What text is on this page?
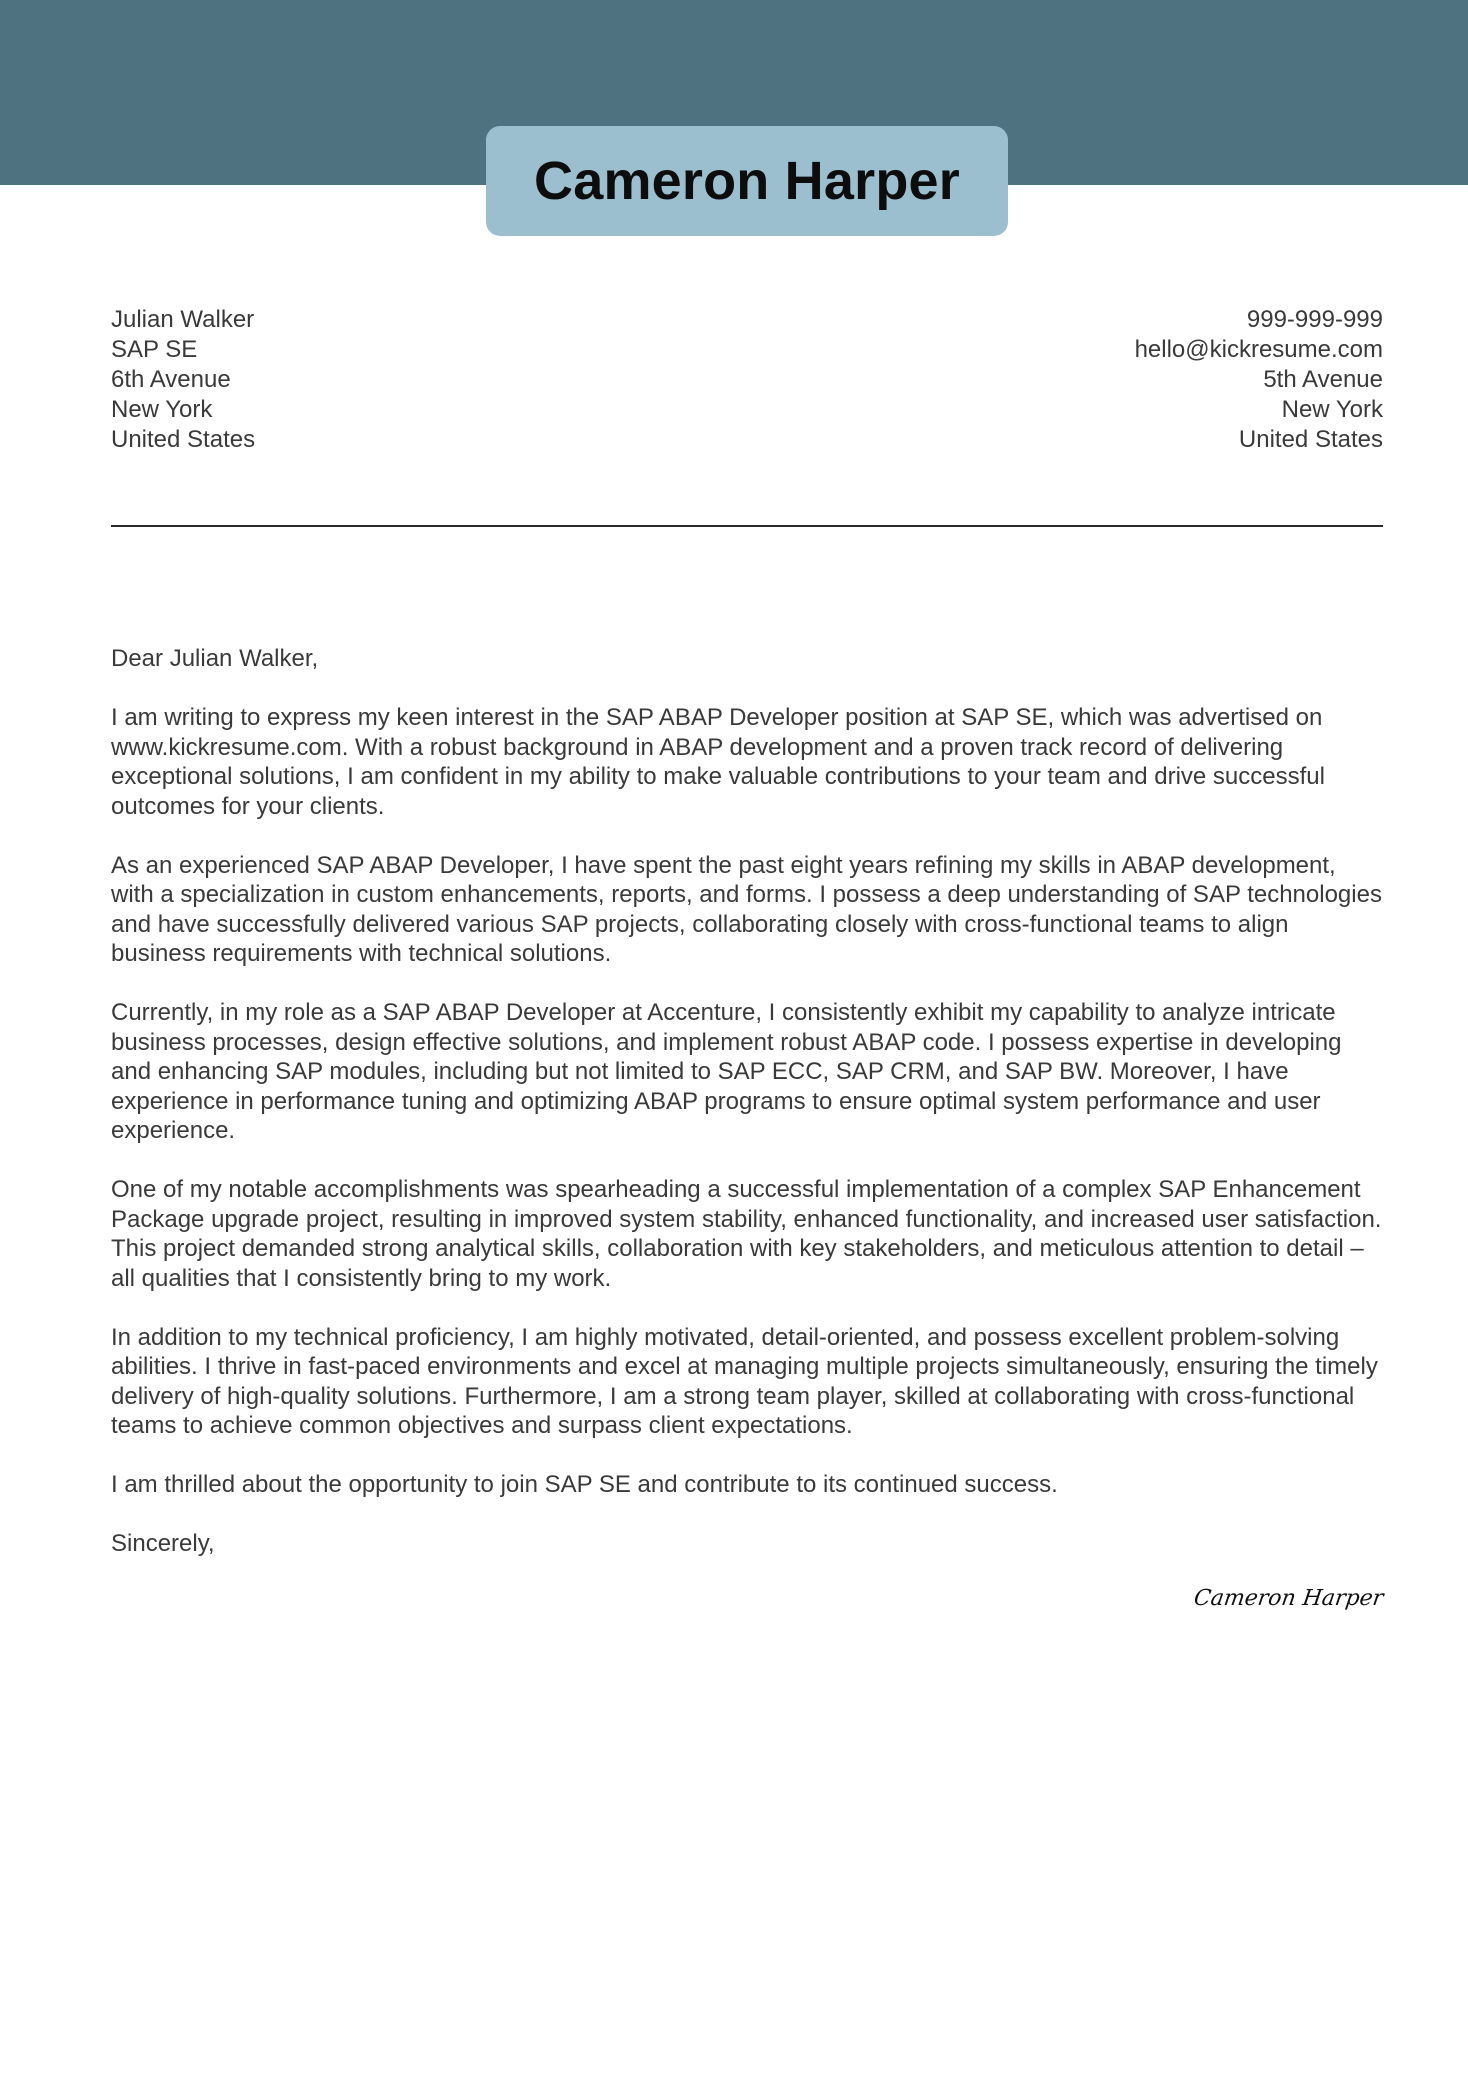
Cameron Harper
Julian Walker
SAP SE
6th Avenue
New York
United States
999-999-999
hello@kickresume.com
5th Avenue
New York
United States

Dear Julian Walker,

I am writing to express my keen interest in the SAP ABAP Developer position at SAP SE, which was advertised on www.kickresume.com. With a robust background in ABAP development and a proven track record of delivering exceptional solutions, I am confident in my ability to make valuable contributions to your team and drive successful outcomes for your clients.

As an experienced SAP ABAP Developer, I have spent the past eight years refining my skills in ABAP development, with a specialization in custom enhancements, reports, and forms. I possess a deep understanding of SAP technologies and have successfully delivered various SAP projects, collaborating closely with cross-functional teams to align business requirements with technical solutions.

Currently, in my role as a SAP ABAP Developer at Accenture, I consistently exhibit my capability to analyze intricate business processes, design effective solutions, and implement robust ABAP code. I possess expertise in developing and enhancing SAP modules, including but not limited to SAP ECC, SAP CRM, and SAP BW. Moreover, I have experience in performance tuning and optimizing ABAP programs to ensure optimal system performance and user experience.

One of my notable accomplishments was spearheading a successful implementation of a complex SAP Enhancement Package upgrade project, resulting in improved system stability, enhanced functionality, and increased user satisfaction. This project demanded strong analytical skills, collaboration with key stakeholders, and meticulous attention to detail – all qualities that I consistently bring to my work.

In addition to my technical proficiency, I am highly motivated, detail-oriented, and possess excellent problem-solving abilities. I thrive in fast-paced environments and excel at managing multiple projects simultaneously, ensuring the timely delivery of high-quality solutions. Furthermore, I am a strong team player, skilled at collaborating with cross-functional teams to achieve common objectives and surpass client expectations.

I am thrilled about the opportunity to join SAP SE and contribute to its continued success.

Sincerely,

Cameron Harper
